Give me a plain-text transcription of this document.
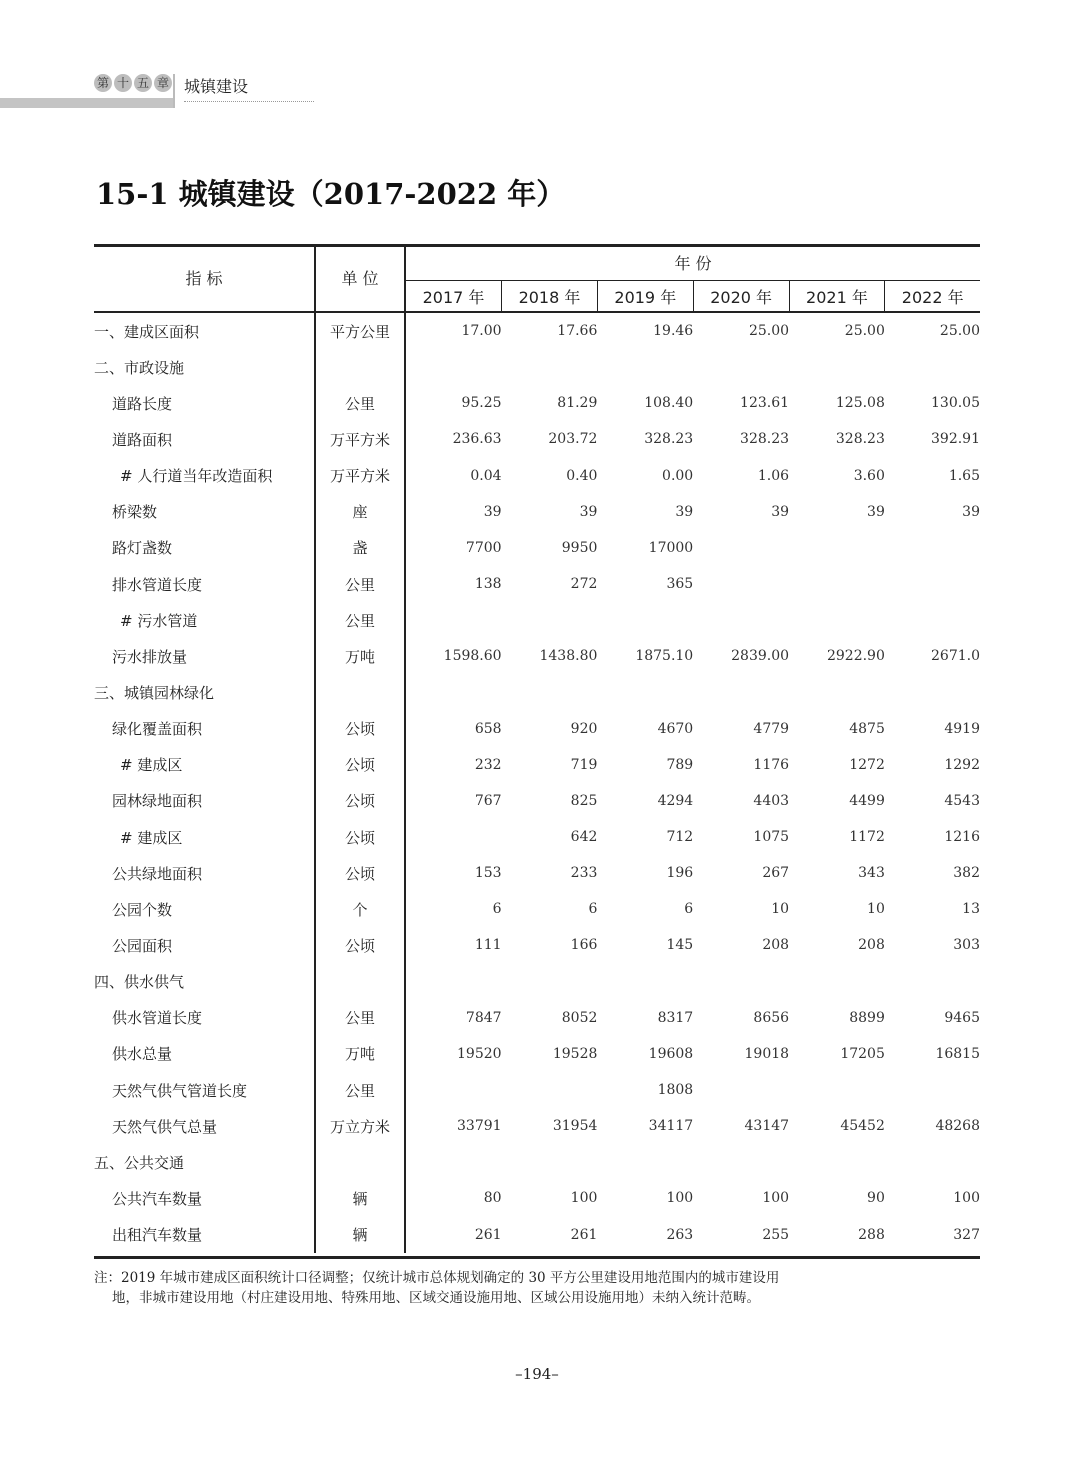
第 十 五 章 城镇建设
15-1 城镇建设（2017-2022 年）
指 标	单 位	年 份					
		2017 年	2018 年	2019 年	2020 年	2021 年	2022 年
一、建成区面积	平方公里	17.00	17.66	19.46	25.00	25.00	25.00
二、市政设施							
道路长度	公里	95.25	81.29	108.40	123.61	125.08	130.05
道路面积	万平方米	236.63	203.72	328.23	328.23	328.23	392.91
# 人行道当年改造面积	万平方米	0.04	0.40	0.00	1.06	3.60	1.65
桥梁数	座	39	39	39	39	39	39
路灯盏数	盏	7700	9950	17000			
排水管道长度	公里	138	272	365			
# 污水管道	公里						
污水排放量	万吨	1598.60	1438.80	1875.10	2839.00	2922.90	2671.0
三、城镇园林绿化							
绿化覆盖面积	公顷	658	920	4670	4779	4875	4919
# 建成区	公顷	232	719	789	1176	1272	1292
园林绿地面积	公顷	767	825	4294	4403	4499	4543
# 建成区	公顷		642	712	1075	1172	1216
公共绿地面积	公顷	153	233	196	267	343	382
公园个数	个	6	6	6	10	10	13
公园面积	公顷	111	166	145	208	208	303
四、供水供气							
供水管道长度	公里	7847	8052	8317	8656	8899	9465
供水总量	万吨	19520	19528	19608	19018	17205	16815
天然气供气管道长度	公里			1808			
天然气供气总量	万立方米	33791	31954	34117	43147	45452	48268
五、公共交通							
公共汽车数量	辆	80	100	100	100	90	100
出租汽车数量	辆	261	261	263	255	288	327
注：2019 年城市建成区面积统计口径调整；仅统计城市总体规划确定的 30 平方公里建设用地范围内的城市建设用
地，非城市建设用地（村庄建设用地、特殊用地、区域交通设施用地、区域公用设施用地）未纳入统计范畴。
–194–
